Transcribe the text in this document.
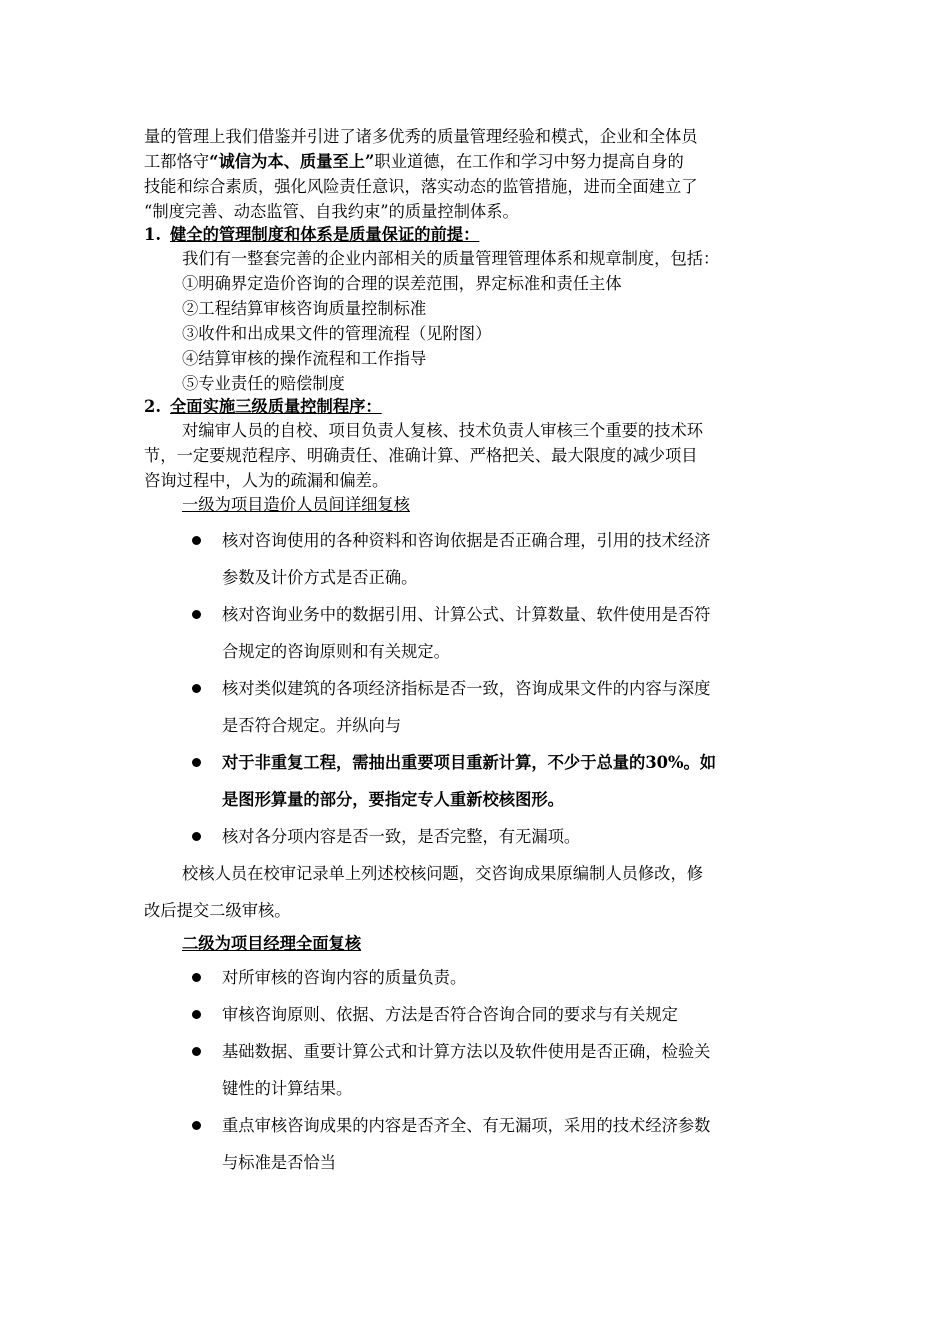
量的管理上我们借鉴并引进了诸多优秀的质量管理经验和模式，企业和全体员
工都恪守“诚信为本、质量至上”职业道德，在工作和学习中努力提高自身的
技能和综合素质，强化风险责任意识，落实动态的监管措施，进而全面建立了
“制度完善、动态监管、自我约束”的质量控制体系。
1. 健全的管理制度和体系是质量保证的前提：
我们有一整套完善的企业内部相关的质量管理管理体系和规章制度，包括：
①明确界定造价咨询的合理的误差范围，界定标准和责任主体
②工程结算审核咨询质量控制标准
③收件和出成果文件的管理流程（见附图）
④结算审核的操作流程和工作指导
⑤专业责任的赔偿制度
2. 全面实施三级质量控制程序：
对编审人员的自校、项目负责人复核、技术负责人审核三个重要的技术环
节，一定要规范程序、明确责任、准确计算、严格把关、最大限度的减少项目
咨询过程中，人为的疏漏和偏差。
一级为项目造价人员间详细复核
核对咨询使用的各种资料和咨询依据是否正确合理，引用的技术经济
参数及计价方式是否正确。
核对咨询业务中的数据引用、计算公式、计算数量、软件使用是否符
合规定的咨询原则和有关规定。
核对类似建筑的各项经济指标是否一致，咨询成果文件的内容与深度
是否符合规定。并纵向与
对于非重复工程，需抽出重要项目重新计算，不少于总量的30%。如
是图形算量的部分，要指定专人重新校核图形。
核对各分项内容是否一致，是否完整，有无漏项。
校核人员在校审记录单上列述校核问题，交咨询成果原编制人员修改，修
改后提交二级审核。
二级为项目经理全面复核
对所审核的咨询内容的质量负责。
审核咨询原则、依据、方法是否符合咨询合同的要求与有关规定
基础数据、重要计算公式和计算方法以及软件使用是否正确，检验关
键性的计算结果。
重点审核咨询成果的内容是否齐全、有无漏项，采用的技术经济参数
与标准是否恰当
